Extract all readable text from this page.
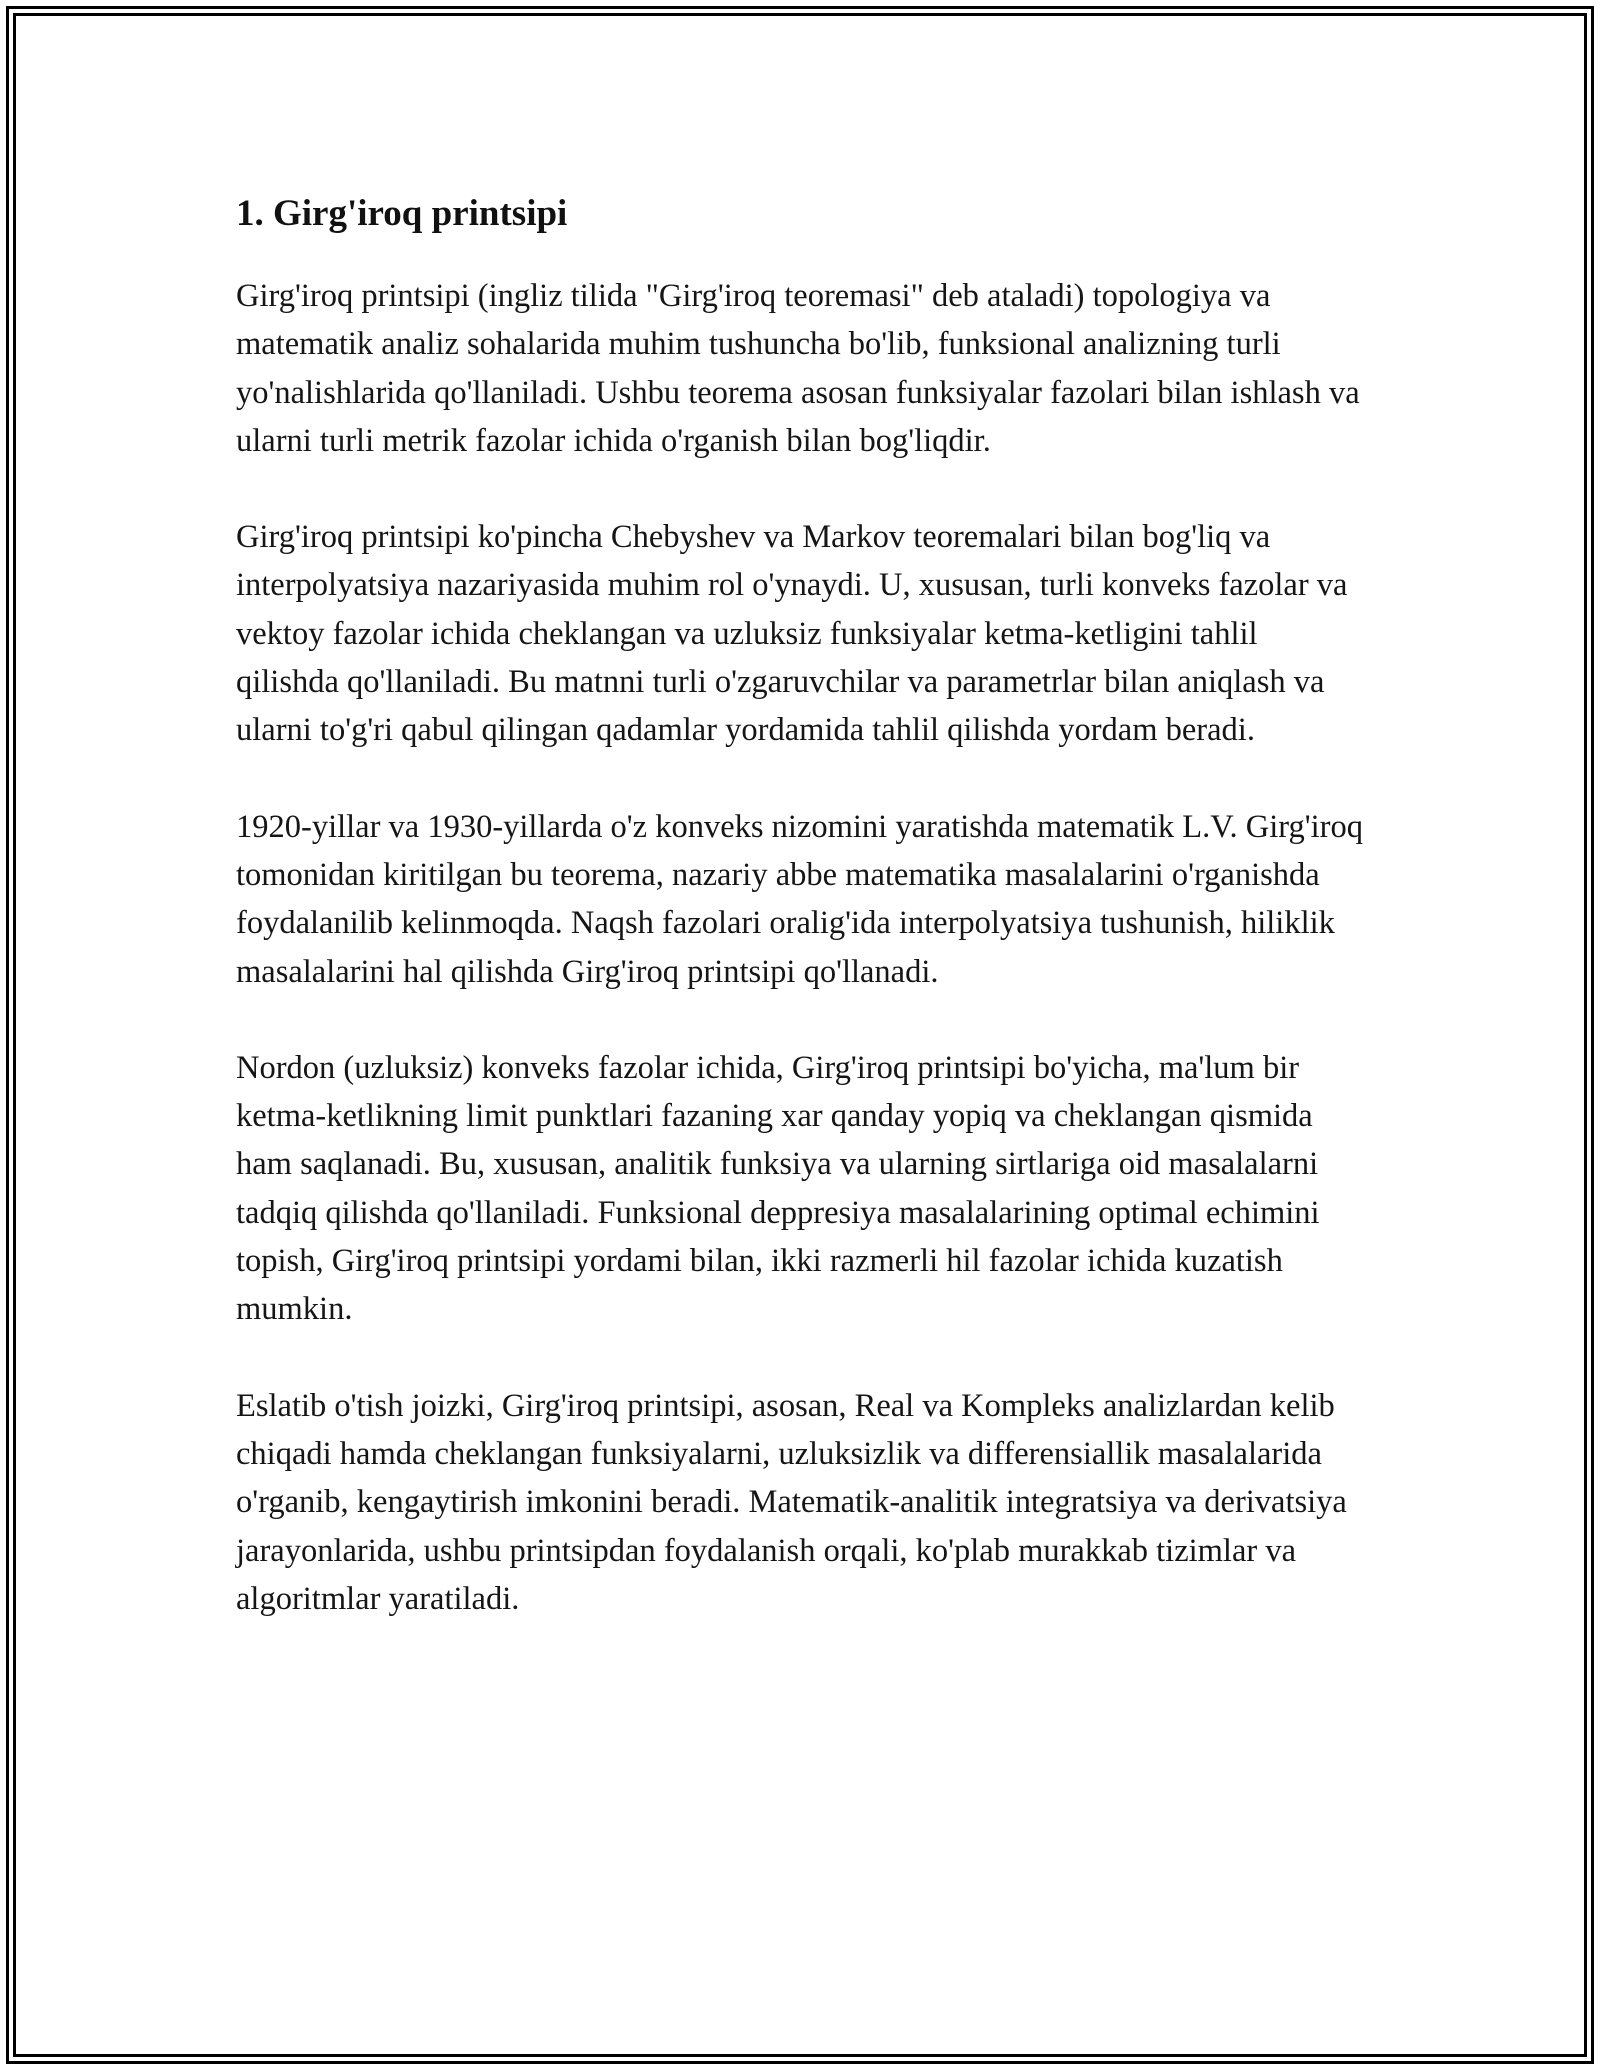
1. Girg'iroq printsipi

Girg'iroq printsipi (ingliz tilida "Girg'iroq teoremasi" deb ataladi) topologiya va matematik analiz sohalarida muhim tushuncha bo'lib, funksional analizning turli yo'nalishlarida qo'llaniladi. Ushbu teorema asosan funksiyalar fazolari bilan ishlash va ularni turli metrik fazolar ichida o'rganish bilan bog'liqdir.

Girg'iroq printsipi ko'pincha Chebyshev va Markov teoremalari bilan bog'liq va interpolyatsiya nazariyasida muhim rol o'ynaydi. U, xususan, turli konveks fazolar va vektoy fazolar ichida cheklangan va uzluksiz funksiyalar ketma-ketligini tahlil qilishda qo'llaniladi. Bu matnni turli o'zgaruvchilar va parametrlar bilan aniqlash va ularni to'g'ri qabul qilingan qadamlar yordamida tahlil qilishda yordam beradi.

1920-yillar va 1930-yillarda o'z konveks nizomini yaratishda matematik L.V. Girg'iroq tomonidan kiritilgan bu teorema, nazariy abbe matematika masalalarini o'rganishda foydalanilib kelinmoqda. Naqsh fazolari oralig'ida interpolyatsiya tushunish, hiliklik masalalarini hal qilishda Girg'iroq printsipi qo'llanadi.

Nordon (uzluksiz) konveks fazolar ichida, Girg'iroq printsipi bo'yicha, ma'lum bir ketma-ketlikning limit punktlari fazaning xar qanday yopiq va cheklangan qismida ham saqlanadi. Bu, xususan, analitik funksiya va ularning sirtlariga oid masalalarni tadqiq qilishda qo'llaniladi. Funksional deppresiya masalalarining optimal echimini topish, Girg'iroq printsipi yordami bilan, ikki razmerli hil fazolar ichida kuzatish mumkin.

Eslatib o'tish joizki, Girg'iroq printsipi, asosan, Real va Kompleks analizlardan kelib chiqadi hamda cheklangan funksiyalarni, uzluksizlik va differensiallik masalalarida o'rganib, kengaytirish imkonini beradi. Matematik-analitik integratsiya va derivatsiya jarayonlarida, ushbu printsipdan foydalanish orqali, ko'plab murakkab tizimlar va algoritmlar yaratiladi.
